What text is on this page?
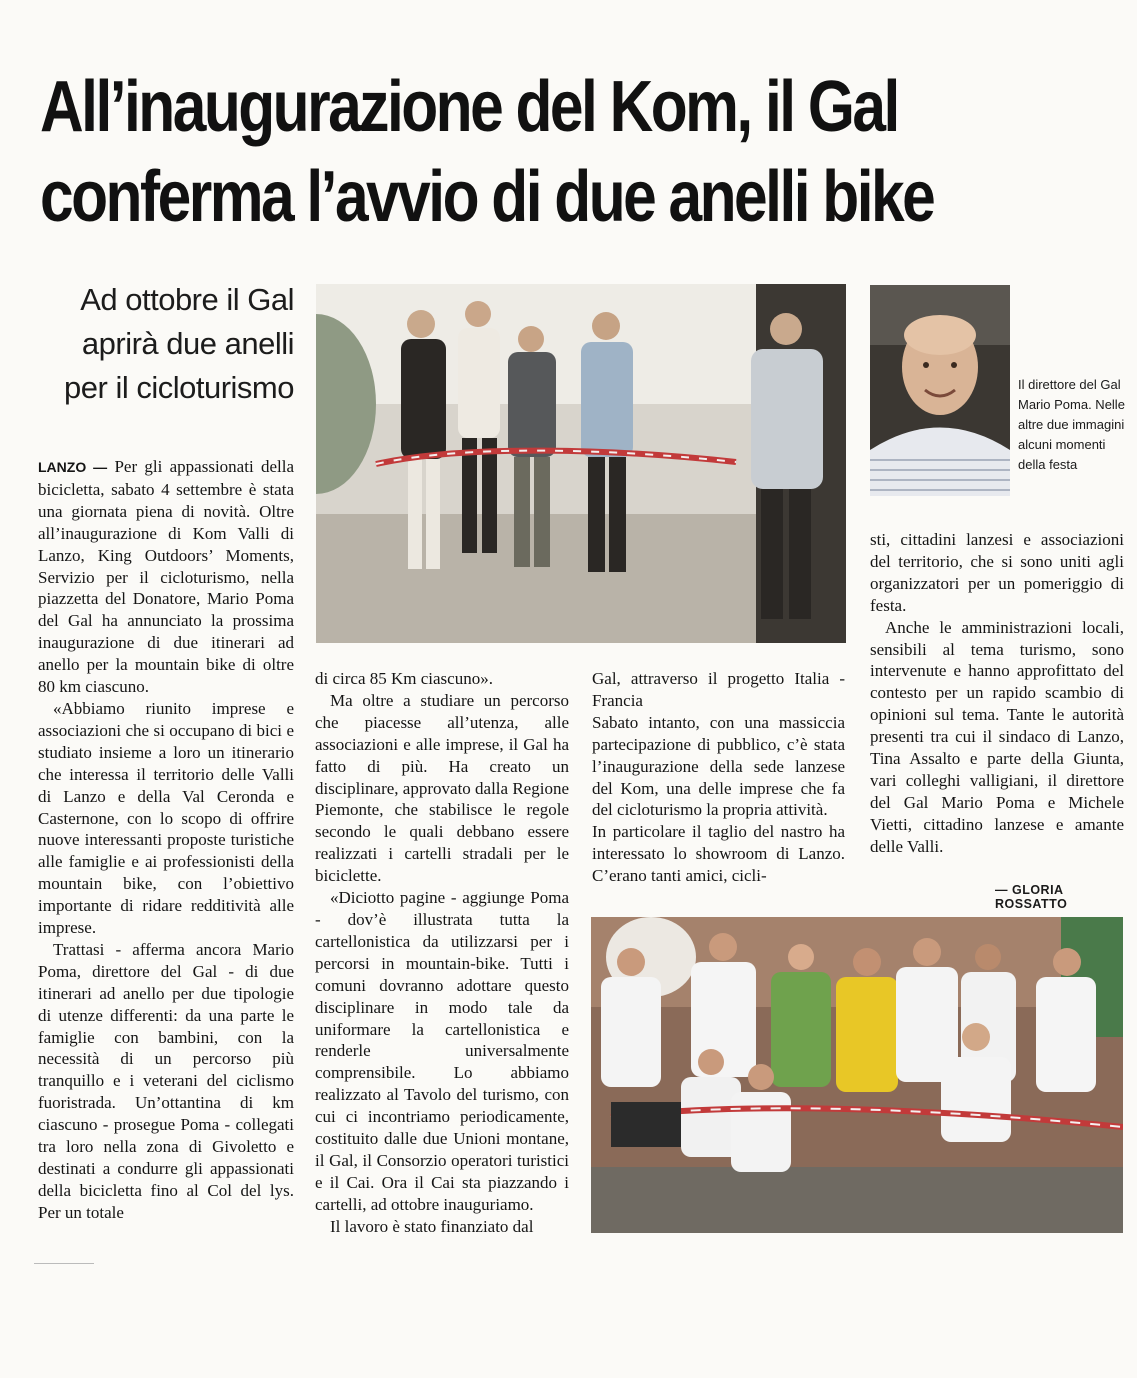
All’inaugurazione del Kom, il Gal
conferma l’avvio di due anelli bike
Ad ottobre il Gal
aprirà due anelli
per il cicloturismo

LANZO — Per gli appassionati della bicicletta, sabato 4 settembre è stata una giornata piena di novità. Oltre all’inaugurazione di Kom Valli di Lanzo, King Outdoors’ Moments, Servizio per il cicloturismo, nella piazzetta del Donatore, Mario Poma del Gal ha annunciato la prossima inaugurazione di due itinerari ad anello per la mountain bike di oltre 80 km ciascuno.

«Abbiamo riunito imprese e associazioni che si occupano di bici e studiato insieme a loro un itinerario che interessa il territorio delle Valli di Lanzo e della Val Ceronda e Casternone, con lo scopo di offrire nuove interessanti proposte turistiche alle famiglie e ai professionisti della mountain bike, con l’obiettivo importante di ridare redditività alle imprese.

Trattasi - afferma ancora Mario Poma, direttore del Gal - di due itinerari ad anello per due tipologie di utenze differenti: da una parte le famiglie con bambini, con la necessità di un percorso più tranquillo e i veterani del ciclismo fuoristrada. Un’ottantina di km ciascuno - prosegue Poma - collegati tra loro nella zona di Givoletto e destinati a condurre gli appassionati della bicicletta fino al Col del lys. Per un totale

di circa 85 Km ciascuno».

Ma oltre a studiare un percorso che piacesse all’utenza, alle associazioni e alle imprese, il Gal ha fatto di più. Ha creato un disciplinare, approvato dalla Regione Piemonte, che stabilisce le regole secondo le quali debbano essere realizzati i cartelli stradali per le biciclette.

«Diciotto pagine - aggiunge Poma - dov’è illustrata tutta la cartellonistica da utilizzarsi per i percorsi in mountain-bike. Tutti i comuni dovranno adottare questo disciplinare in modo tale da uniformare la cartellonistica e renderle universalmente comprensibile. Lo abbiamo realizzato al Tavolo del turismo, con cui ci incontriamo periodicamente, costituito dalle due Unioni montane, il Gal, il Consorzio operatori turistici e il Cai. Ora il Cai sta piazzando i cartelli, ad ottobre inauguriamo.

Il lavoro è stato finanziato dal

Gal, attraverso il progetto Italia - Francia

Sabato intanto, con una massiccia partecipazione di pubblico, c’è stata l’inaugurazione della sede lanzese del Kom, una delle imprese che fa del cicloturismo la propria attività.

In particolare il taglio del nastro ha interessato lo showroom di Lanzo. C’erano tanti amici, cicli-

sti, cittadini lanzesi e associazioni del territorio, che si sono uniti agli organizzatori per un pomeriggio di festa.

Anche le amministrazioni locali, sensibili al tema turismo, sono intervenute e hanno approfittato del contesto per un rapido scambio di opinioni sul tema. Tante le autorità presenti tra cui il sindaco di Lanzo, Tina Assalto e parte della Giunta, vari colleghi valligiani, il direttore del Gal Mario Poma e Michele Vietti, cittadino lanzese e amante delle Valli.

— GLORIA ROSSATTO
Il direttore del Gal Mario Poma. Nelle altre due immagini alcuni momenti della festa
